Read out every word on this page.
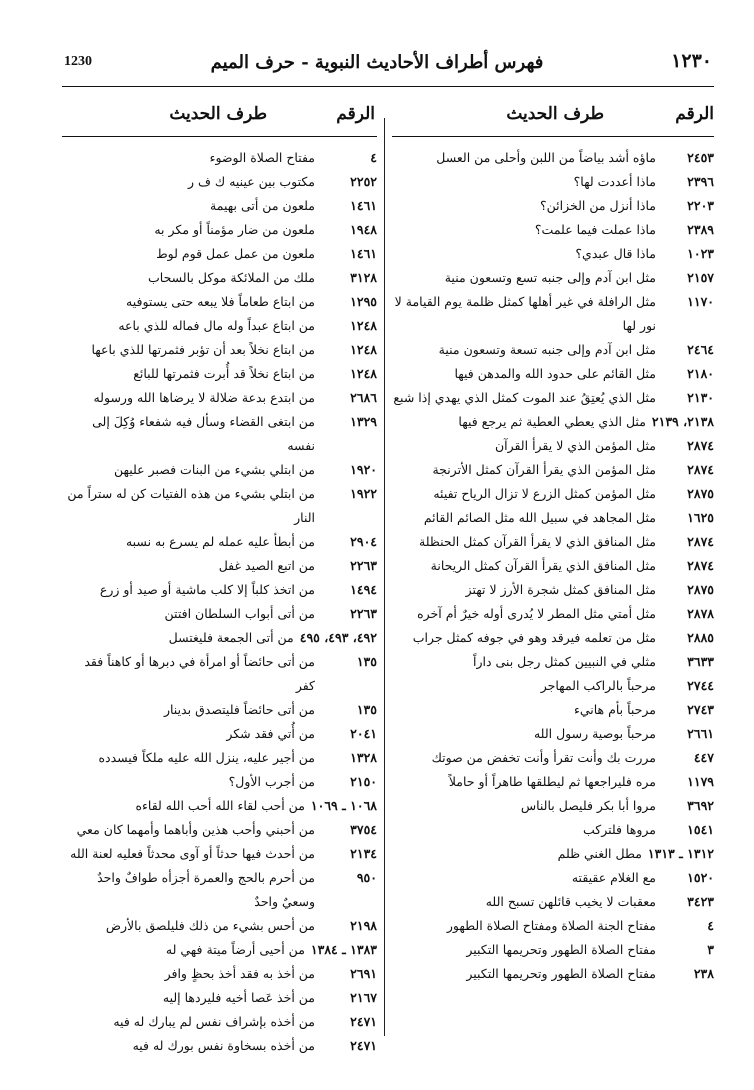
١٢٣٠
فهرس أطراف الأحاديث النبوية - حرف الميم
1230
الرقم
طرف الحديث
٢٤٥٣
ماؤه أشد بياضاً من اللبن وأحلى من العسل
٢٣٩٦
ماذا أعددت لها؟
٢٢٠٣
ماذا أنزل من الخزائن؟
٢٣٨٩
ماذا عملت فيما علمت؟
١٠٢٣
ماذا قال عبدي؟
٢١٥٧
مثل ابن آدم وإلى جنبه تسع وتسعون منية
١١٧٠
مثل الرافلة في غير أهلها كمثل ظلمة يوم القيامة لا نور لها
٢٤٦٤
مثل ابن آدم وإلى جنبه تسعة وتسعون منية
٢١٨٠
مثل القائم على حدود الله والمدهن فيها
٢١٣٠
مثل الذي يُعتِقُ عند الموت كمثل الذي يهدي إذا شبع
٢١٣٨، ٢١٣٩
مثل الذي يعطي العطية ثم يرجع فيها
٢٨٧٤
مثل المؤمن الذي لا يقرأ القرآن
٢٨٧٤
مثل المؤمن الذي يقرأ القرآن كمثل الأترنجة
٢٨٧٥
مثل المؤمن كمثل الزرع لا تزال الرياح تفيئه
١٦٢٥
مثل المجاهد في سبيل الله مثل الصائم القائم
٢٨٧٤
مثل المنافق الذي لا يقرأ القرآن كمثل الحنظلة
٢٨٧٤
مثل المنافق الذي يقرأ القرآن كمثل الريحانة
٢٨٧٥
مثل المنافق كمثل شجرة الأرز لا تهتز
٢٨٧٨
مثل أمتي مثل المطر لا يُدرى أوله خيرٌ أم آخره
٢٨٨٥
مثل من تعلمه فيرقد وهو في جوفه كمثل جراب
٣٦٣٣
مثلي في النبيين كمثل رجل بنى داراً
٢٧٤٤
مرحباً بالراكب المهاجر
٢٧٤٣
مرحباً بأم هانيء
٢٦٦١
مرحباً بوصية رسول الله
٤٤٧
مررت بك وأنت تقرأ وأنت تخفض من صوتك
١١٧٩
مره فليراجعها ثم ليطلقها طاهراً أو حاملاً
٣٦٩٢
مروا أبا بكر فليصل بالناس
١٥٤١
مروها فلتركب
١٣١٢ ـ ١٣١٣
مطل الغني ظلم
١٥٢٠
مع الغلام عقيقته
٣٤٢٣
معقبات لا يخيب قائلهن تسبح الله
٤
مفتاح الجنة الصلاة ومفتاح الصلاة الطهور
٣
مفتاح الصلاة الطهور وتحريمها التكبير
٢٣٨
مفتاح الصلاة الطهور وتحريمها التكبير
الرقم
طرف الحديث
٤
مفتاح الصلاة الوضوء
٢٢٥٢
مكتوب بين عينيه ك ف ر
١٤٦١
ملعون من أتى بهيمة
١٩٤٨
ملعون من ضار مؤمناً أو مكر به
١٤٦١
ملعون من عمل عمل قوم لوط
٣١٢٨
ملك من الملائكة موكل بالسحاب
١٢٩٥
من ابتاع طعاماً فلا يبعه حتى يستوفيه
١٢٤٨
من ابتاع عبداً وله مال فماله للذي باعه
١٢٤٨
من ابتاع نخلاً بعد أن تؤبر فثمرتها للذي باعها
١٢٤٨
من ابتاع نخلاً قد أُبرت فثمرتها للبائع
٢٦٨٦
من ابتدع بدعة ضلالة لا يرضاها الله ورسوله
١٣٢٩
من ابتغى القضاء وسأل فيه شفعاء وُكِلَ إلى نفسه
١٩٢٠
من ابتلي بشيء من البنات فصبر عليهن
١٩٢٢
من ابتلي بشيء من هذه الفتيات كن له ستراً من النار
٢٩٠٤
من أبطأ عليه عمله لم يسرع به نسبه
٢٢٦٣
من اتبع الصيد غفل
١٤٩٤
من اتخذ كلباً إلا كلب ماشية أو صيد أو زرع
٢٢٦٣
من أتى أبواب السلطان افتتن
٤٩٢، ٤٩٣، ٤٩٥
من أتى الجمعة فليغتسل
١٣٥
من أتى حائضاً أو امرأة في دبرها أو كاهناً فقد كفر
١٣٥
من أتى حائضاً فليتصدق بدينار
٢٠٤١
من أُتي فقد شكر
١٣٢٨
من أجير عليه، ينزل الله عليه ملكاً فيسدده
٢١٥٠
من أجرب الأول؟
١٠٦٨ ـ ١٠٦٩
من أحب لقاء الله أحب الله لقاءه
٣٧٥٤
من أحبني وأحب هذين وأباهما وأمهما كان معي
٢١٣٤
من أحدث فيها حدثاً أو آوى محدثاً فعليه لعنة الله
٩٥٠
من أحرم بالحج والعمرة أجزأه طوافٌ واحدٌ وسعيٌ واحدٌ
٢١٩٨
من أحس بشيء من ذلك فليلصق بالأرض
١٣٨٣ ـ ١٣٨٤
من أحيى أرضاً ميتة فهي له
٢٦٩١
من أخذ به فقد أخذ بحظٍ وافر
٢١٦٧
من أخذ عَصا أخيه فليردها إليه
٢٤٧١
من أخذه بإشراف نفس لم يبارك له فيه
٢٤٧١
من أخذه بسخاوة نفس بورك له فيه
